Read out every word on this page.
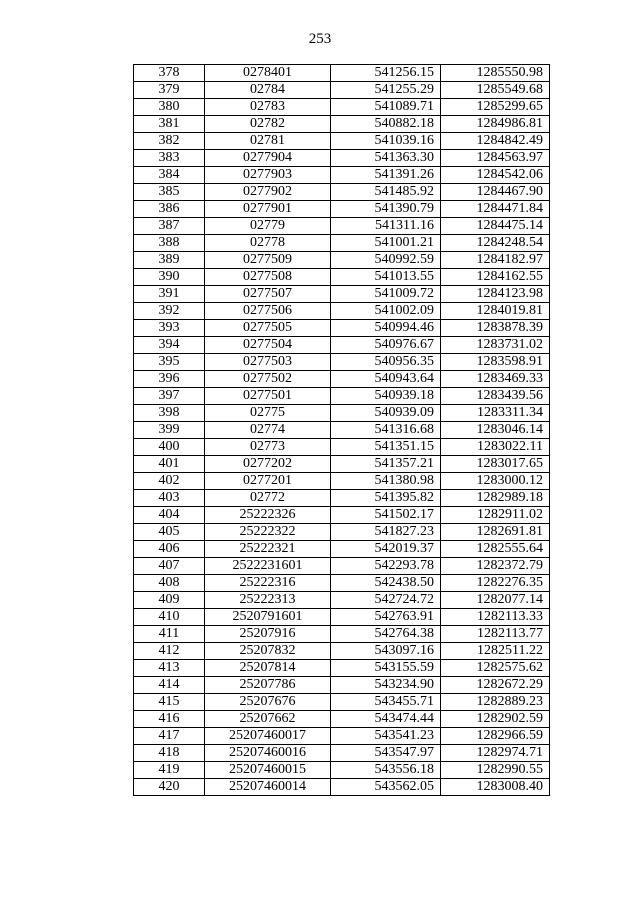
253
378	0278401	541256.15	1285550.98
379	02784	541255.29	1285549.68
380	02783	541089.71	1285299.65
381	02782	540882.18	1284986.81
382	02781	541039.16	1284842.49
383	0277904	541363.30	1284563.97
384	0277903	541391.26	1284542.06
385	0277902	541485.92	1284467.90
386	0277901	541390.79	1284471.84
387	02779	541311.16	1284475.14
388	02778	541001.21	1284248.54
389	0277509	540992.59	1284182.97
390	0277508	541013.55	1284162.55
391	0277507	541009.72	1284123.98
392	0277506	541002.09	1284019.81
393	0277505	540994.46	1283878.39
394	0277504	540976.67	1283731.02
395	0277503	540956.35	1283598.91
396	0277502	540943.64	1283469.33
397	0277501	540939.18	1283439.56
398	02775	540939.09	1283311.34
399	02774	541316.68	1283046.14
400	02773	541351.15	1283022.11
401	0277202	541357.21	1283017.65
402	0277201	541380.98	1283000.12
403	02772	541395.82	1282989.18
404	25222326	541502.17	1282911.02
405	25222322	541827.23	1282691.81
406	25222321	542019.37	1282555.64
407	2522231601	542293.78	1282372.79
408	25222316	542438.50	1282276.35
409	25222313	542724.72	1282077.14
410	2520791601	542763.91	1282113.33
411	25207916	542764.38	1282113.77
412	25207832	543097.16	1282511.22
413	25207814	543155.59	1282575.62
414	25207786	543234.90	1282672.29
415	25207676	543455.71	1282889.23
416	25207662	543474.44	1282902.59
417	25207460017	543541.23	1282966.59
418	25207460016	543547.97	1282974.71
419	25207460015	543556.18	1282990.55
420	25207460014	543562.05	1283008.40
